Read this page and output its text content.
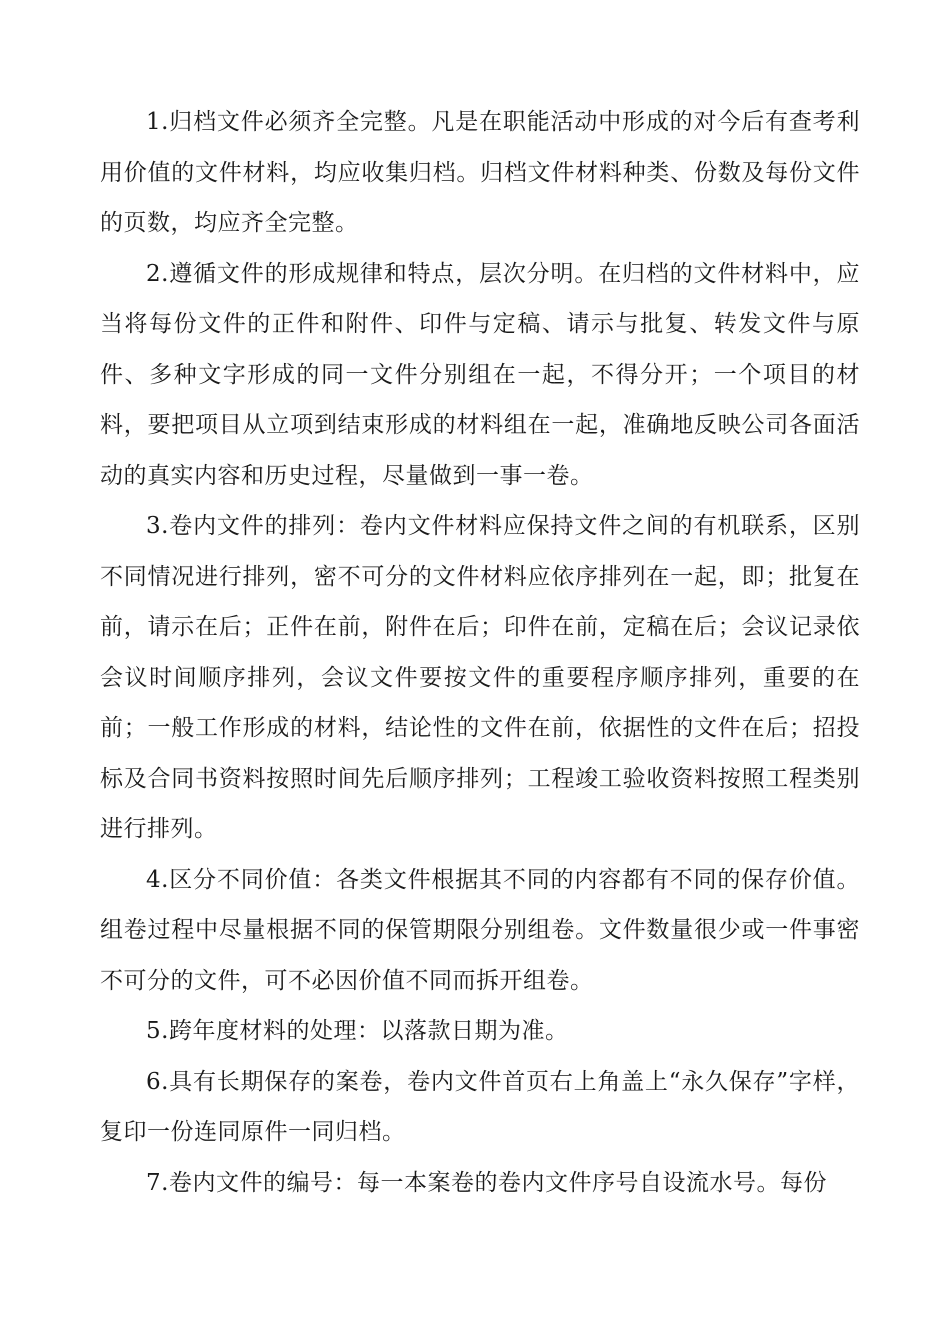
1.归档文件必须齐全完整。凡是在职能活动中形成的对今后有查考利用价值的文件材料，均应收集归档。归档文件材料种类、份数及每份文件的页数，均应齐全完整。

2.遵循文件的形成规律和特点，层次分明。在归档的文件材料中，应当将每份文件的正件和附件、印件与定稿、请示与批复、转发文件与原件、多种文字形成的同一文件分别组在一起，不得分开；一个项目的材料，要把项目从立项到结束形成的材料组在一起，准确地反映公司各面活动的真实内容和历史过程，尽量做到一事一卷。

3.卷内文件的排列：卷内文件材料应保持文件之间的有机联系，区别不同情况进行排列，密不可分的文件材料应依序排列在一起，即；批复在前，请示在后；正件在前，附件在后；印件在前，定稿在后；会议记录依会议时间顺序排列，会议文件要按文件的重要程序顺序排列，重要的在前；一般工作形成的材料，结论性的文件在前，依据性的文件在后；招投标及合同书资料按照时间先后顺序排列；工程竣工验收资料按照工程类别进行排列。

4.区分不同价值：各类文件根据其不同的内容都有不同的保存价值。组卷过程中尽量根据不同的保管期限分别组卷。文件数量很少或一件事密不可分的文件，可不必因价值不同而拆开组卷。

5.跨年度材料的处理：以落款日期为准。

6.具有长期保存的案卷，卷内文件首页右上角盖上“永久保存”字样，复印一份连同原件一同归档。

7.卷内文件的编号：每一本案卷的卷内文件序号自设流水号。每份
